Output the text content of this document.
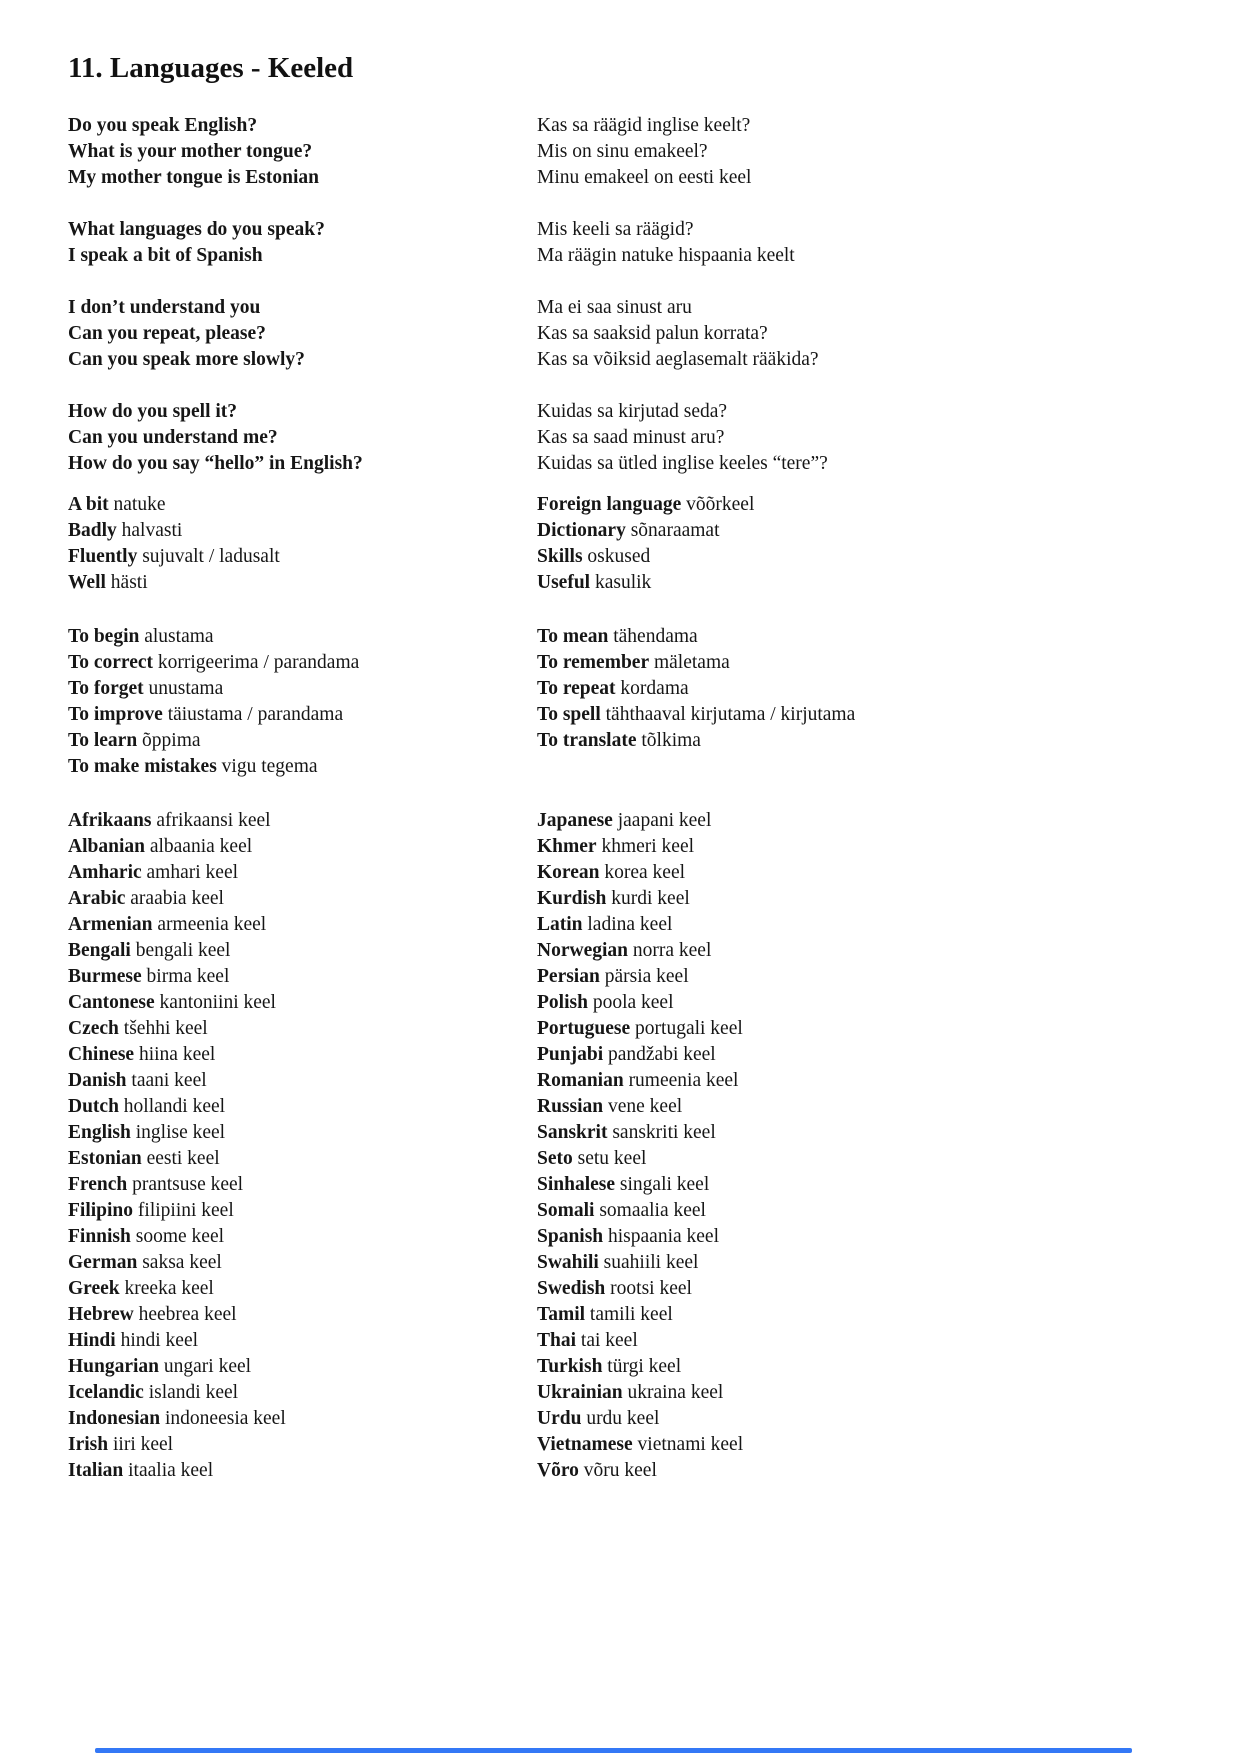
11. Languages - Keeled
Do you speak English?	Kas sa räägid inglise keelt?
What is your mother tongue?	Mis on sinu emakeel?
My mother tongue is Estonian	Minu emakeel on eesti keel
What languages do you speak?	Mis keeli sa räägid?
I speak a bit of Spanish	Ma räägin natuke hispaania keelt
I don’t understand you	Ma ei saa sinust aru
Can you repeat, please?	Kas sa saaksid palun korrata?
Can you speak more slowly?	Kas sa võiksid aeglasemalt rääkida?
How do you spell it?	Kuidas sa kirjutad seda?
Can you understand me?	Kas sa saad minust aru?
How do you say “hello” in English?	Kuidas sa ütled inglise keeles “tere”?
A bit natuke	Foreign language võõrkeel
Badly halvasti	Dictionary sõnaraamat
Fluently sujuvalt / ladusalt	Skills oskused
Well hästi	Useful kasulik
To begin alustama	To mean tähendama
To correct korrigeerima / parandama	To remember mäletama
To forget unustama	To repeat kordama
To improve täiustama / parandama	To spell tähthaaval kirjutama / kirjutama
To learn õppima	To translate tõlkima
To make mistakes vigu tegema
Afrikaans afrikaansi keel	Japanese jaapani keel
Albanian albaania keel	Khmer khmeri keel
Amharic amhari keel	Korean korea keel
Arabic araabia keel	Kurdish kurdi keel
Armenian armeenia keel	Latin ladina keel
Bengali bengali keel	Norwegian norra keel
Burmese birma keel	Persian pärsia keel
Cantonese kantoniini keel	Polish poola keel
Czech tšehhi keel	Portuguese portugali keel
Chinese hiina keel	Punjabi pandžabi keel
Danish taani keel	Romanian rumeenia keel
Dutch hollandi keel	Russian vene keel
English inglise keel	Sanskrit sanskriti keel
Estonian eesti keel	Seto setu keel
French prantsuse keel	Sinhalese singali keel
Filipino filipiini keel	Somali somaalia keel
Finnish soome keel	Spanish hispaania keel
German saksa keel	Swahili suahiili keel
Greek kreeka keel	Swedish rootsi keel
Hebrew heebrea keel	Tamil tamili keel
Hindi hindi keel	Thai tai keel
Hungarian ungari keel	Turkish türgi keel
Icelandic islandi keel	Ukrainian ukraina keel
Indonesian indoneesia keel	Urdu urdu keel
Irish iiri keel	Vietnamese vietnami keel
Italian itaalia keel	Võro võru keel
